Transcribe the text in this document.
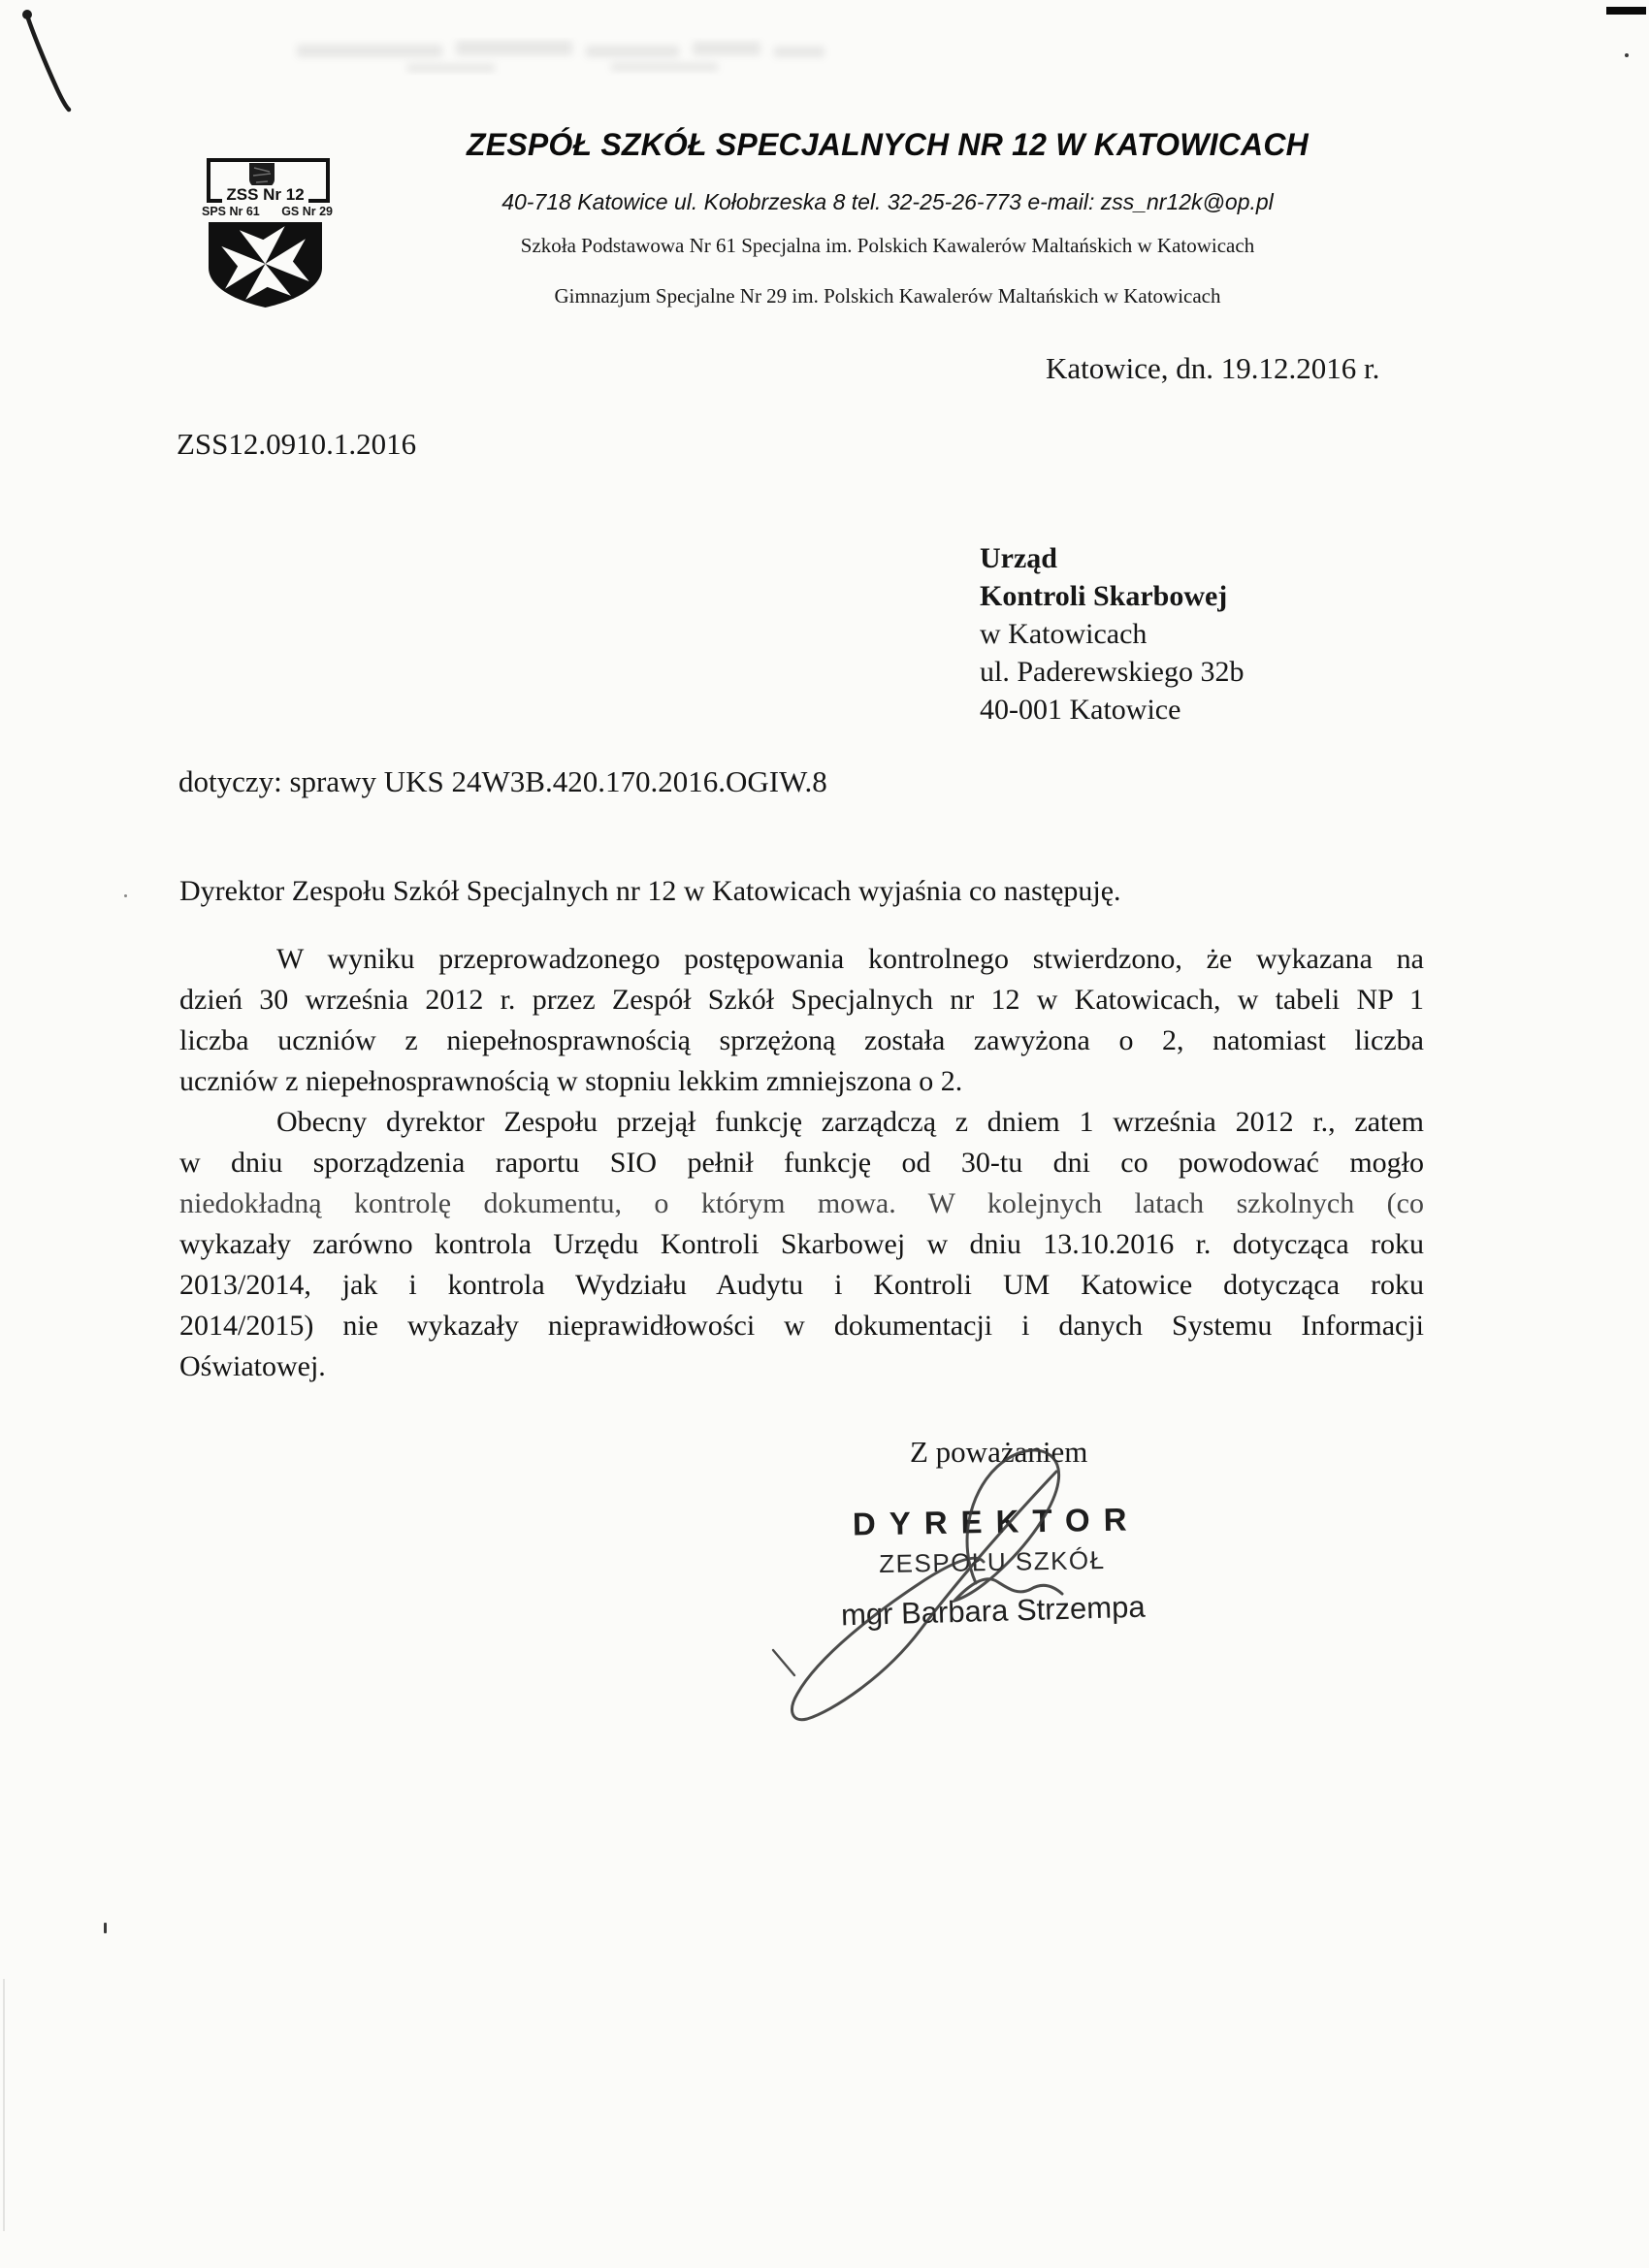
ZSS Nr 12
SPS Nr 61 GS Nr 29
ZESPÓŁ SZKÓŁ SPECJALNYCH NR 12 W KATOWICACH
40-718 Katowice ul. Kołobrzeska 8 tel. 32-25-26-773 e-mail: zss_nr12k@op.pl
Szkoła Podstawowa Nr 61 Specjalna im. Polskich Kawalerów Maltańskich w Katowicach
Gimnazjum Specjalne Nr 29 im. Polskich Kawalerów Maltańskich w Katowicach
Katowice, dn. 19.12.2016 r.
ZSS12.0910.1.2016
Urząd
Kontroli Skarbowej
w Katowicach
ul. Paderewskiego 32b
40-001 Katowice
dotyczy: sprawy UKS 24W3B.420.170.2016.OGIW.8
Dyrektor Zespołu Szkół Specjalnych nr 12 w Katowicach wyjaśnia co następuję.
W wyniku przeprowadzonego postępowania kontrolnego stwierdzono, że wykazana na
dzień 30 września 2012 r. przez Zespół Szkół Specjalnych nr 12 w Katowicach, w tabeli NP 1
liczba uczniów z niepełnosprawnością sprzężoną została zawyżona o 2, natomiast liczba
uczniów z niepełnosprawnością w stopniu lekkim zmniejszona o 2.
Obecny dyrektor Zespołu przejął funkcję zarządczą z dniem 1 września 2012 r., zatem
w dniu sporządzenia raportu SIO pełnił funkcję od 30-tu dni co powodować mogło
niedokładną kontrolę dokumentu, o którym mowa. W kolejnych latach szkolnych (co
wykazały zarówno kontrola Urzędu Kontroli Skarbowej w dniu 13.10.2016 r. dotycząca roku
2013/2014, jak i kontrola Wydziału Audytu i Kontroli UM Katowice dotycząca roku
2014/2015) nie wykazały nieprawidłowości w dokumentacji i danych Systemu Informacji
Oświatowej.
Z poważaniem
DYREKTOR
ZESPOŁU SZKÓŁ
mgr Barbara Strzempa
